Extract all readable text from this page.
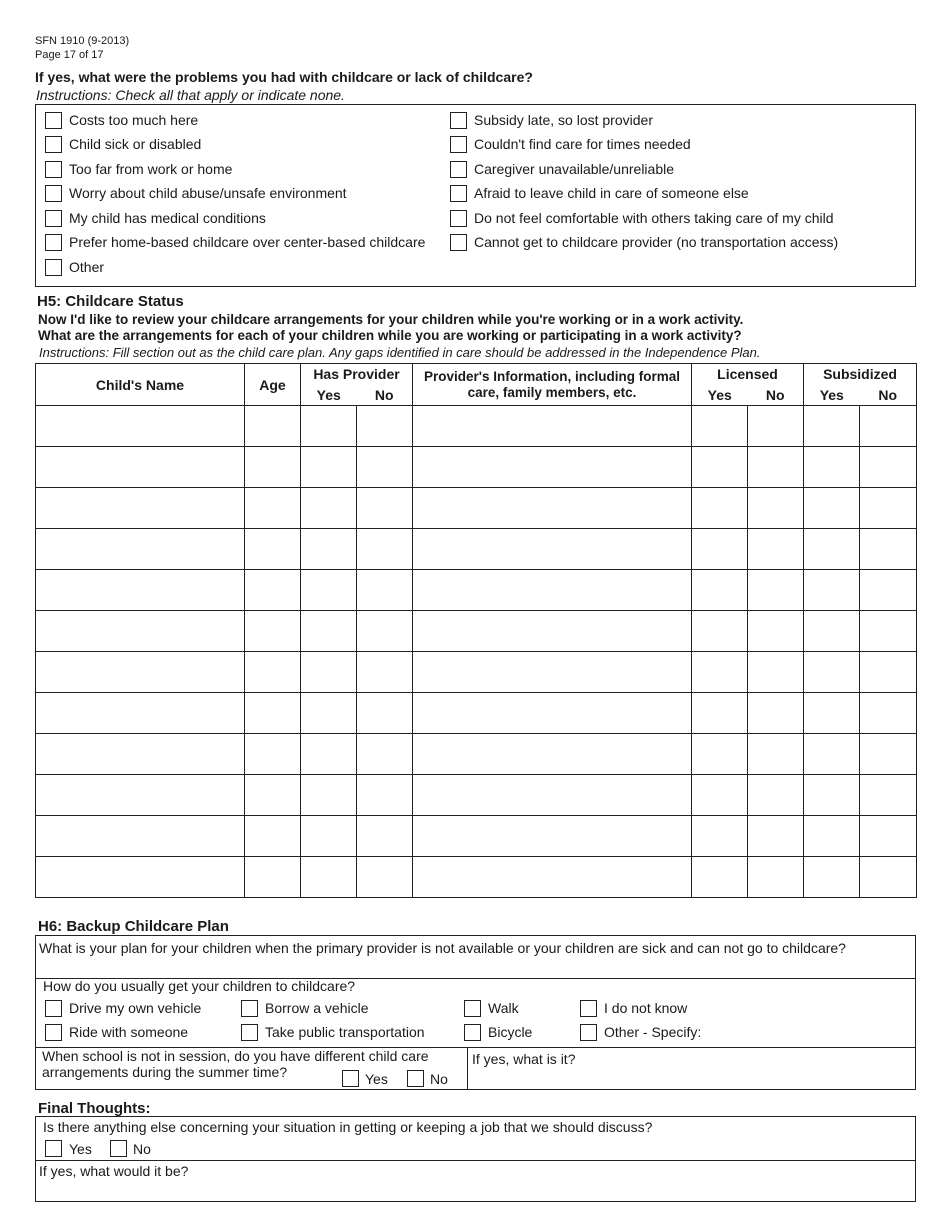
SFN 1910 (9-2013)
Page 17 of 17
If yes, what were the problems you had with childcare or lack of childcare?
Instructions: Check all that apply or indicate none.
Costs too much here
Child sick or disabled
Too far from work or home
Worry about child abuse/unsafe environment
My child has medical conditions
Prefer home-based childcare over center-based childcare
Other
Subsidy late, so lost provider
Couldn't find care for times needed
Caregiver unavailable/unreliable
Afraid to leave child in care of someone else
Do not feel comfortable with others taking care of my child
Cannot get to childcare provider (no transportation access)
H5: Childcare Status
Now I'd like to review your childcare arrangements for your children while you're working or in a work activity.
What are the arrangements for each of your children while you are working or participating in a work activity?
Instructions: Fill section out as the child care plan. Any gaps identified in care should be addressed in the Independence Plan.
Child's Name	Age	Has Provider		Provider's Information, including formal care, family members, etc.	Licensed		Subsidized	
		Yes	No		Yes	No	Yes	No

H6: Backup Childcare Plan
What is your plan for your children when the primary provider is not available or your children are sick and can not go to childcare?
How do you usually get your children to childcare?
Drive my own vehicle	Borrow a vehicle	Walk	I do not know
Ride with someone	Take public transportation	Bicycle	Other - Specify:
When school is not in session, do you have different child care arrangements during the summer time?	Yes	No
If yes, what is it?
Final Thoughts:
Is there anything else concerning your situation in getting or keeping a job that we should discuss?
Yes	No
If yes, what would it be?
